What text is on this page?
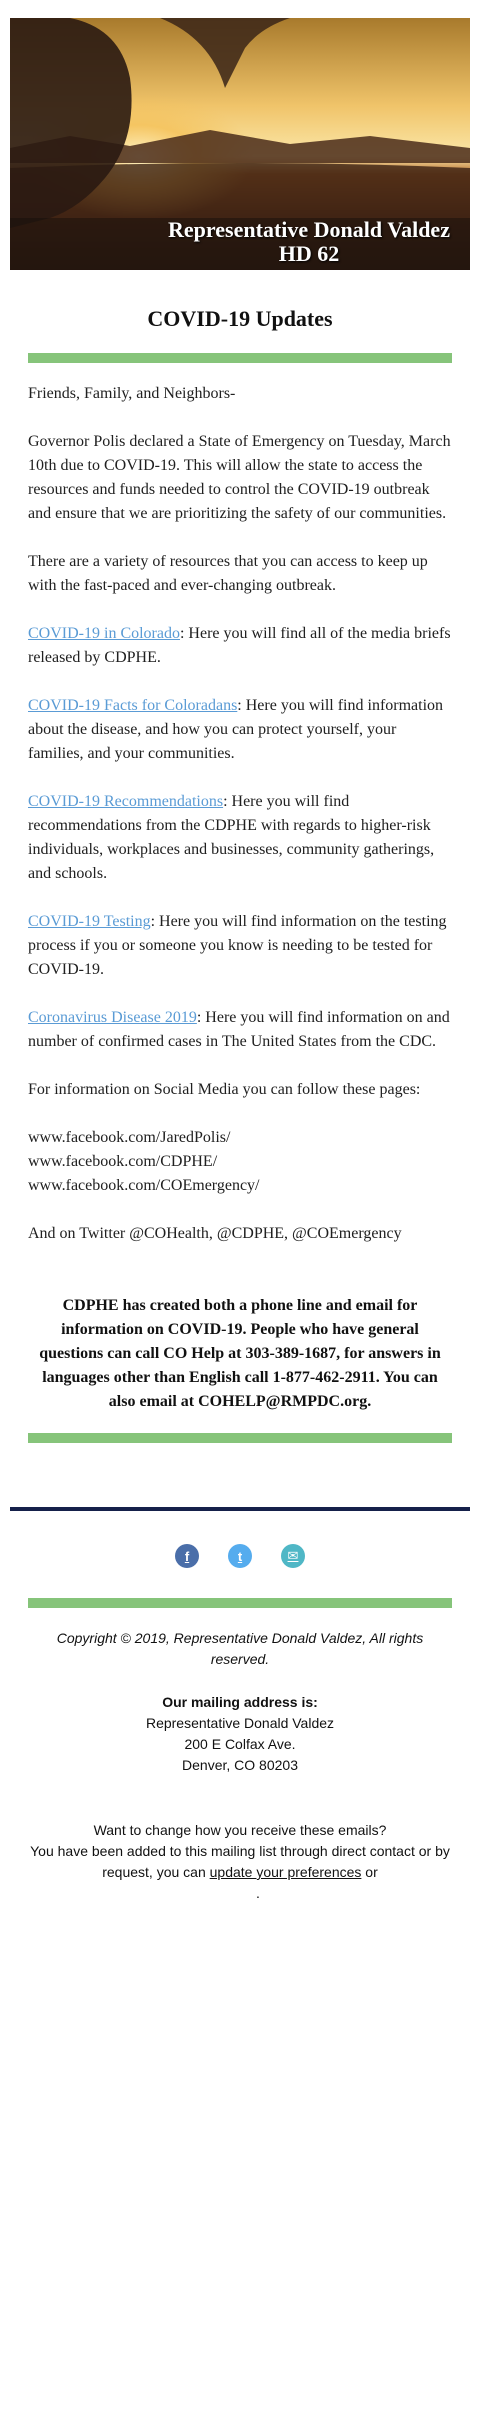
Representative Donald Valdez
HD 62
COVID-19 Updates
Friends, Family, and Neighbors-
Governor Polis declared a State of Emergency on Tuesday, March 10th due to COVID-19. This will allow the state to access the resources and funds needed to control the COVID-19 outbreak and ensure that we are prioritizing the safety of our communities.
There are a variety of resources that you can access to keep up with the fast-paced and ever-changing outbreak.
COVID-19 in Colorado: Here you will find all of the media briefs released by CDPHE.
COVID-19 Facts for Coloradans: Here you will find information about the disease, and how you can protect yourself, your families, and your communities.
COVID-19 Recommendations: Here you will find recommendations from the CDPHE with regards to higher-risk individuals, workplaces and businesses, community gatherings, and schools.
COVID-19 Testing: Here you will find information on the testing process if you or someone you know is needing to be tested for COVID-19.
Coronavirus Disease 2019: Here you will find information on and number of confirmed cases in The United States from the CDC.
For information on Social Media you can follow these pages:
www.facebook.com/JaredPolis/
www.facebook.com/CDPHE/
www.facebook.com/COEmergency/
And on Twitter @COHealth, @CDPHE, @COEmergency
CDPHE has created both a phone line and email for information on COVID-19. People who have general questions can call CO Help at 303-389-1687, for answers in languages other than English call 1-877-462-2911. You can also email at COHELP@RMPDC.org.
f	t	✉
Copyright © 2019, Representative Donald Valdez, All rights reserved.
Our mailing address is:
Representative Donald Valdez
200 E Colfax Ave.
Denver, CO 80203
Want to change how you receive these emails?
You have been added to this mailing list through direct contact or by request, you can update your preferences or
.
